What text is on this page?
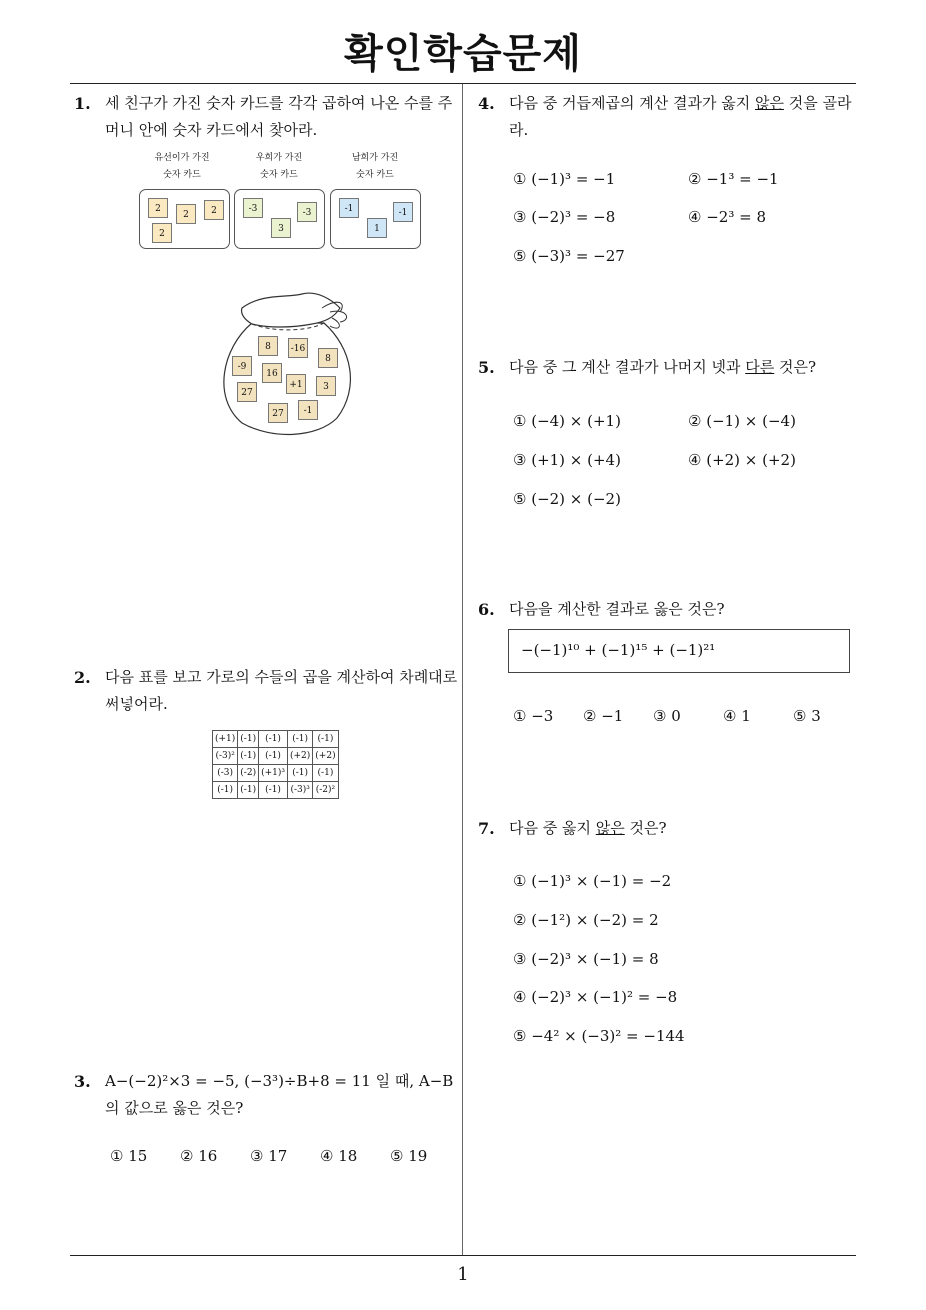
확인학습문제
1
1. 세 친구가 가진 숫자 카드를 각각 곱하여 나온 수를 주머니 안에 숫자 카드에서 찾아라.
유선이가 가진
숫자 카드
우희가 가진
숫자 카드
남희가 가진
숫자 카드
2
2	2
2
-3
3
-3	-1
1
-1
8	-16
-9
16
8
27
+1	3
27	-1
2. 다음 표를 보고 가로의 수들의 곱을 계산하여 차례대로 써넣어라.
(+1)	(-1)	(-1)	(-1)	(-1)
(-3)²	(-1)	(-1)	(+2)	(+2)
(-3)	(-2)	(+1)³	(-1)	(-1)
(-1)	(-1)	(-1)	(-3)³	(-2)²
3. A−(−2)²×3 = −5, (−3³)÷B+8 = 11 일 때, A−B
의 값으로 옳은 것은?
① 15 ② 16 ③ 17 ④ 18 ⑤ 19
4. 다음 중 거듭제곱의 계산 결과가 옳지 않은 것을 골라라.
① (−1)³ = −1	② −1³ = −1
③ (−2)³ = −8	④ −2³ = 8
⑤ (−3)³ = −27
5. 다음 중 그 계산 결과가 나머지 넷과 다른 것은?
① (−4) × (+1)	② (−1) × (−4)
③ (+1) × (+4)	④ (+2) × (+2)
⑤ (−2) × (−2)
6. 다음을 계산한 결과로 옳은 것은?
−(−1)¹⁰ + (−1)¹⁵ + (−1)²¹
① −3 ② −1 ③ 0	④ 1	⑤ 3
7. 다음 중 옳지 않은 것은?
① (−1)³ × (−1) = −2
② (−1²) × (−2) = 2
③ (−2)³ × (−1) = 8
④ (−2)³ × (−1)² = −8
⑤ −4² × (−3)² = −144
